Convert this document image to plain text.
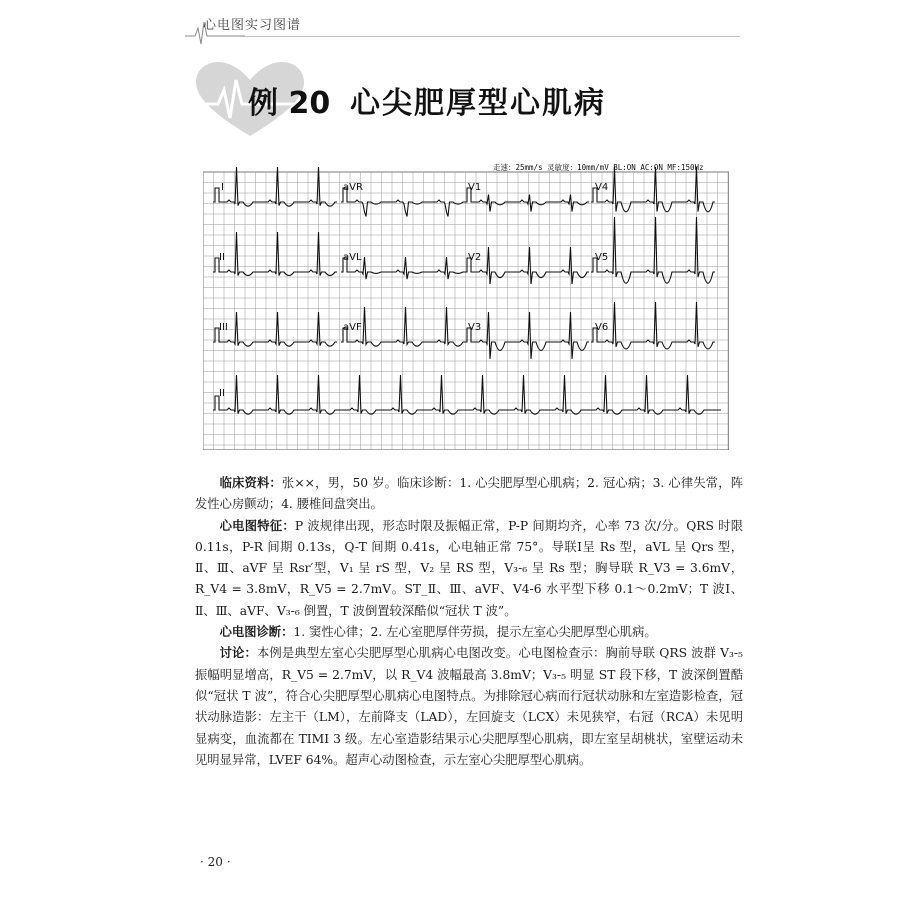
心电图实习图谱
例 20 心尖肥厚型心肌病
走速：25mm/s 灵敏度：10mm/mV BL:ON AC:ON MF:150Hz
I	aVR	V1	V4
II	aVL	V2	V5
III	aVF	V3	V6
II

临床资料：张××，男，50 岁。临床诊断：1. 心尖肥厚型心肌病；2. 冠心病；3. 心律失常，阵发性心房颤动；4. 腰椎间盘突出。

心电图特征：P 波规律出现，形态时限及振幅正常，P-P 间期均齐，心率 73 次/分。QRS 时限 0.11s，P-R 间期 0.13s，Q-T 间期 0.41s，心电轴正常 75°。导联Ⅰ呈 Rs 型，aVL 呈 Qrs 型，Ⅱ、Ⅲ、aVF 呈 Rsr′型，V₁ 呈 rS 型，V₂ 呈 RS 型，V₃-₆ 呈 Rs 型；胸导联 R_V3 = 3.6mV，R_V4 = 3.8mV，R_V5 = 2.7mV。ST_Ⅱ、Ⅲ、aVF、V4-6 水平型下移 0.1～0.2mV；T 波Ⅰ、Ⅱ、Ⅲ、aVF、V₃-₆ 倒置，T 波倒置较深酷似“冠状 T 波”。

心电图诊断：1. 窦性心律；2. 左心室肥厚伴劳损，提示左室心尖肥厚型心肌病。

讨论：本例是典型左室心尖肥厚型心肌病心电图改变。心电图检查示：胸前导联 QRS 波群 V₃-₅ 振幅明显增高，R_V5 = 2.7mV，以 R_V4 波幅最高 3.8mV；V₃-₅ 明显 ST 段下移，T 波深倒置酷似“冠状 T 波”，符合心尖肥厚型心肌病心电图特点。为排除冠心病而行冠状动脉和左室造影检查，冠状动脉造影：左主干（LM），左前降支（LAD），左回旋支（LCX）未见狭窄，右冠（RCA）未见明显病变，血流都在 TIMI 3 级。左心室造影结果示心尖肥厚型心肌病，即左室呈胡桃状，室壁运动未见明显异常，LVEF 64%。超声心动图检查，示左室心尖肥厚型心肌病。

· 20 ·
